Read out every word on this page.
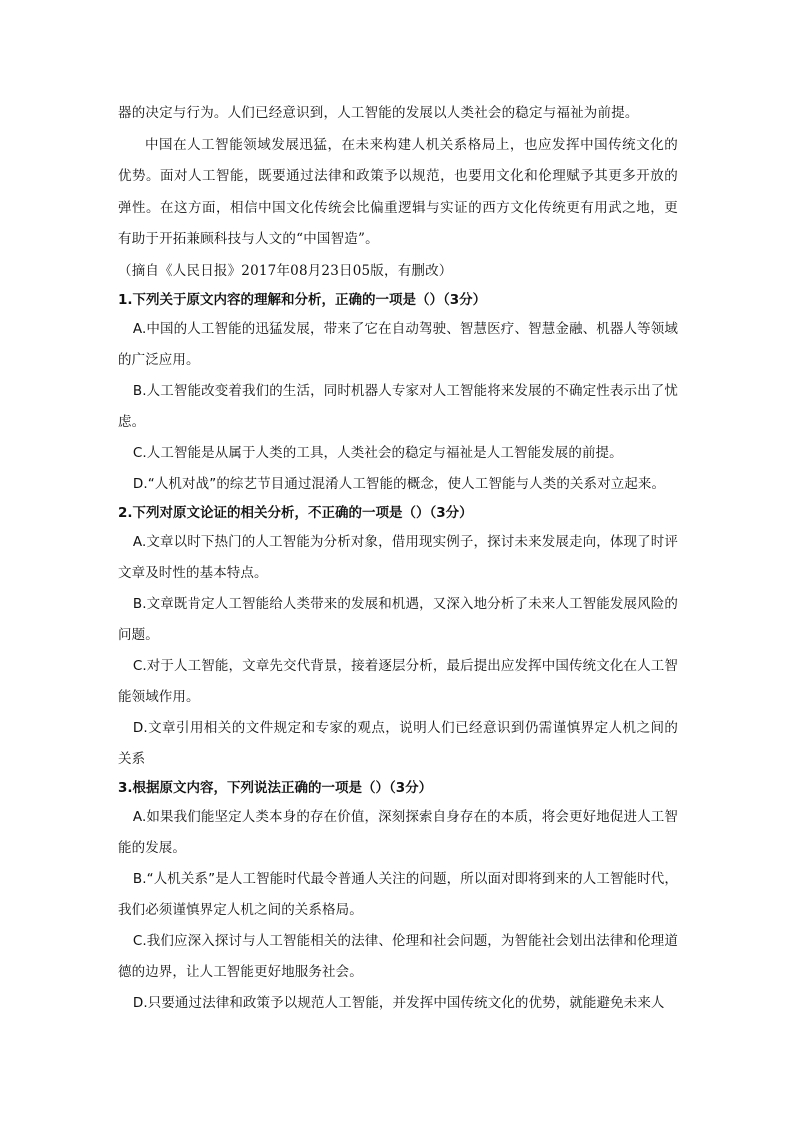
器的决定与行为。人们已经意识到，人工智能的发展以人类社会的稳定与福祉为前提。

中国在人工智能领域发展迅猛，在未来构建人机关系格局上，也应发挥中国传统文化的优势。面对人工智能，既要通过法律和政策予以规范，也要用文化和伦理赋予其更多开放的弹性。在这方面，相信中国文化传统会比偏重逻辑与实证的西方文化传统更有用武之地，更有助于开拓兼顾科技与人文的“中国智造”。

（摘自《人民日报》2017年08月23日05版，有删改）

1.下列关于原文内容的理解和分析，正确的一项是（）（3分）

A.中国的人工智能的迅猛发展，带来了它在自动驾驶、智慧医疗、智慧金融、机器人等领域的广泛应用。

B.人工智能改变着我们的生活，同时机器人专家对人工智能将来发展的不确定性表示出了忧虑。

C.人工智能是从属于人类的工具，人类社会的稳定与福祉是人工智能发展的前提。

D.“人机对战”的综艺节目通过混淆人工智能的概念，使人工智能与人类的关系对立起来。

2.下列对原文论证的相关分析，不正确的一项是（）（3分）

A.文章以时下热门的人工智能为分析对象，借用现实例子，探讨未来发展走向，体现了时评文章及时性的基本特点。

B.文章既肯定人工智能给人类带来的发展和机遇，又深入地分析了未来人工智能发展风险的问题。

C.对于人工智能，文章先交代背景，接着逐层分析，最后提出应发挥中国传统文化在人工智能领域作用。

D.文章引用相关的文件规定和专家的观点，说明人们已经意识到仍需谨慎界定人机之间的关系

3.根据原文内容，下列说法正确的一项是（）（3分）

A.如果我们能坚定人类本身的存在价值，深刻探索自身存在的本质，将会更好地促进人工智能的发展。

B.“人机关系”是人工智能时代最令普通人关注的问题，所以面对即将到来的人工智能时代，我们必须谨慎界定人机之间的关系格局。

C.我们应深入探讨与人工智能相关的法律、伦理和社会问题，为智能社会划出法律和伦理道德的边界，让人工智能更好地服务社会。

D.只要通过法律和政策予以规范人工智能，并发挥中国传统文化的优势，就能避免未来人
